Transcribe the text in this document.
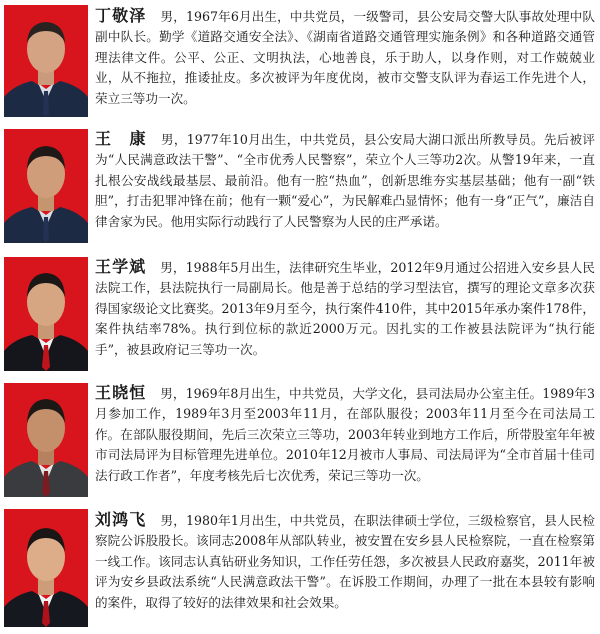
丁敬泽 男，1967年6月出生，中共党员，一级警司，县公安局交警大队事故处理中队副中队长。勤学《道路交通安全法》、《湖南省道路交通管理实施条例》和各种道路交通管理法律文件。公平、公正、文明执法，心地善良，乐于助人，以身作则，对工作兢兢业业，从不拖拉，推诿扯皮。多次被评为年度优岗，被市交警支队评为春运工作先进个人，荣立三等功一次。
王　康 男，1977年10月出生，中共党员，县公安局大湖口派出所教导员。先后被评为“人民满意政法干警”、“全市优秀人民警察”，荣立个人三等功2次。从警19年来，一直扎根公安战线最基层、最前沿。他有一腔“热血”，创新思维夯实基层基础；他有一副“铁胆”，打击犯罪冲锋在前；他有一颗“爱心”，为民解难凸显情怀；他有一身“正气”，廉洁自律舍家为民。他用实际行动践行了人民警察为人民的庄严承诺。
王学斌 男，1988年5月出生，法律研究生毕业，2012年9月通过公招进入安乡县人民法院工作，县法院执行一局副局长。他是善于总结的学习型法官，撰写的理论文章多次获得国家级论文比赛奖。2013年9月至今，执行案件410件，其中2015年承办案件178件，案件执结率78%。执行到位标的款近2000万元。因扎实的工作被县法院评为“执行能手”，被县政府记三等功一次。
王晓恒 男，1969年8月出生，中共党员，大学文化，县司法局办公室主任。1989年3月参加工作，1989年3月至2003年11月，在部队服役；2003年11月至今在司法局工作。在部队服役期间，先后三次荣立三等功，2003年转业到地方工作后，所带股室年年被市司法局评为目标管理先进单位。2010年12月被市人事局、司法局评为“全市首届十佳司法行政工作者”，年度考核先后七次优秀，荣记三等功一次。
刘鸿飞 男，1980年1月出生，中共党员，在职法律硕士学位，三级检察官，县人民检察院公诉股股长。该同志2008年从部队转业，被安置在安乡县人民检察院，一直在检察第一线工作。该同志认真钻研业务知识，工作任劳任怨，多次被县人民政府嘉奖，2011年被评为安乡县政法系统“人民满意政法干警”。在诉股工作期间，办理了一批在本县较有影响的案件，取得了较好的法律效果和社会效果。
